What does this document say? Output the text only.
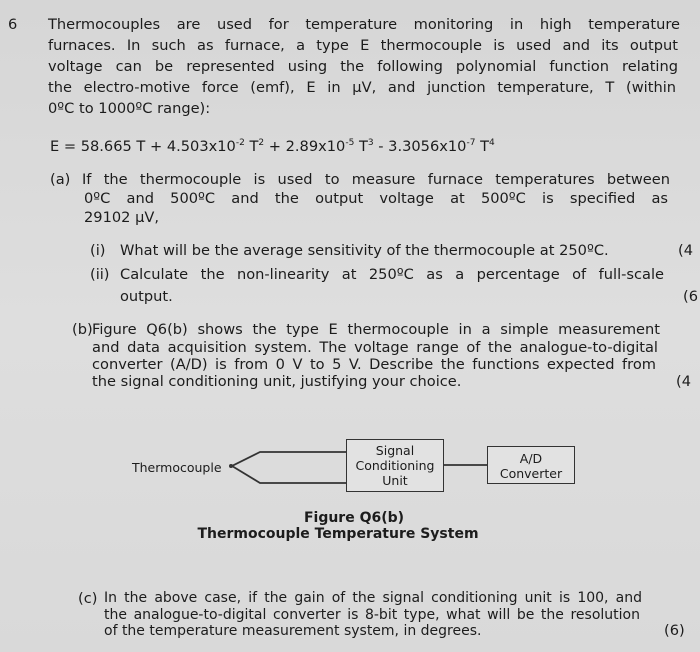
6 Thermocouples are used for temperature monitoring in high temperature
furnaces. In such as furnace, a type E thermocouple is used and its output
voltage can be represented using the following polynomial function relating
the electro-motive force (emf), E in μV, and junction temperature, T (within
0ºC to 1000ºC range):
E = 58.665 $T + 4.503x10^{-2}$ $T^2 + 2.89x10^{-5}$ $T^3 - 3.3056x10^{-7}$ $T^4$
(a) If the thermocouple is used to measure furnace temperatures between
0ºC and 500ºC and the output voltage at 500ºC is specified as
29102 μV,
(i) What will be the average sensitivity of the thermocouple at 250ºC.	(4
(ii) Calculate the non-linearity at 250ºC as a percentage of full-scale
output.	(6
(b) Figure Q6(b) shows the type E thermocouple in a simple measurement
and data acquisition system. The voltage range of the analogue-to-digital
converter (A/D) is from 0 V to 5 V. Describe the functions expected from
the signal conditioning unit, justifying your choice.	(4
Thermocouple
Signal
Conditioning
Unit
A/D
Converter
Figure Q6(b)
Thermocouple Temperature System
(c) In the above case, if the gain of the signal conditioning unit is 100, and
the analogue-to-digital converter is 8-bit type, what will be the resolution
of the temperature measurement system, in degrees.	(6)
